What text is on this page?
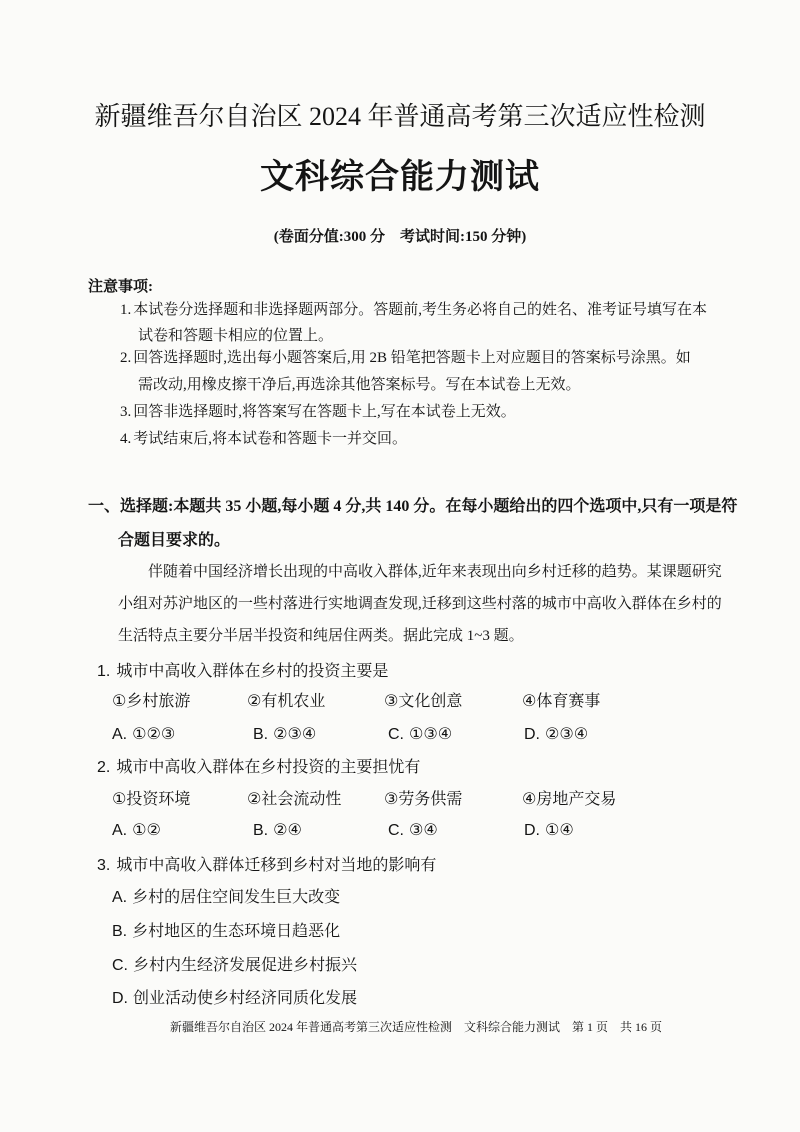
新疆维吾尔自治区 2024 年普通高考第三次适应性检测
文科综合能力测试
(卷面分值:300 分　考试时间:150 分钟)
注意事项:
1. 本试卷分选择题和非选择题两部分。答题前,考生务必将自己的姓名、准考证号填写在本
试卷和答题卡相应的位置上。
2. 回答选择题时,选出每小题答案后,用 2B 铅笔把答题卡上对应题目的答案标号涂黑。如
需改动,用橡皮擦干净后,再选涂其他答案标号。写在本试卷上无效。
3. 回答非选择题时,将答案写在答题卡上,写在本试卷上无效。
4. 考试结束后,将本试卷和答题卡一并交回。
一、选择题:本题共 35 小题,每小题 4 分,共 140 分。在每小题给出的四个选项中,只有一项是符
合题目要求的。
伴随着中国经济增长出现的中高收入群体,近年来表现出向乡村迁移的趋势。某课题研究
小组对苏沪地区的一些村落进行实地调查发现,迁移到这些村落的城市中高收入群体在乡村的
生活特点主要分半居半投资和纯居住两类。据此完成 1~3 题。
1. 城市中高收入群体在乡村的投资主要是
①乡村旅游	②有机农业	③文化创意	④体育赛事
A. ①②③	B. ②③④	C. ①③④	D. ②③④
2. 城市中高收入群体在乡村投资的主要担忧有
①投资环境	②社会流动性	③劳务供需	④房地产交易
A. ①②	B. ②④	C. ③④	D. ①④
3. 城市中高收入群体迁移到乡村对当地的影响有
A. 乡村的居住空间发生巨大改变
B. 乡村地区的生态环境日趋恶化
C. 乡村内生经济发展促进乡村振兴
D. 创业活动使乡村经济同质化发展
新疆维吾尔自治区 2024 年普通高考第三次适应性检测　文科综合能力测试　第 1 页　共 16 页
